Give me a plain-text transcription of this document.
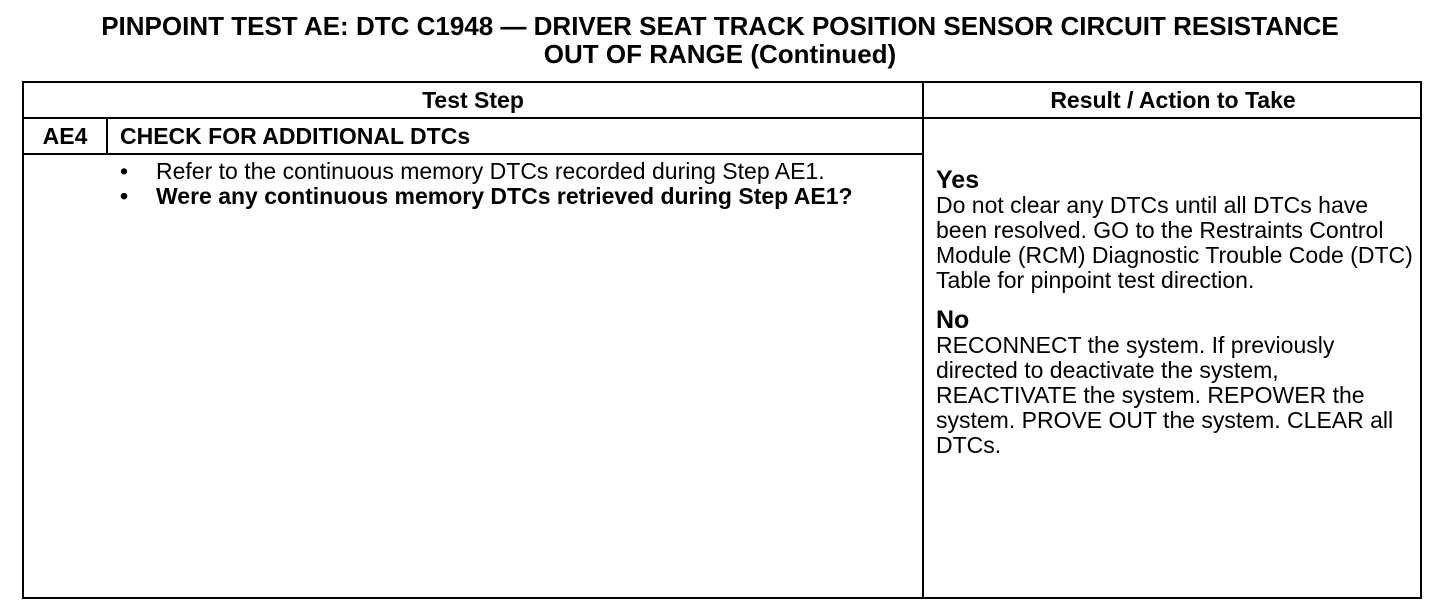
PINPOINT TEST AE: DTC C1948 — DRIVER SEAT TRACK POSITION SENSOR CIRCUIT RESISTANCE
OUT OF RANGE (Continued)
Test Step	Result / Action to Take
AE4	CHECK FOR ADDITIONAL DTCs
• Refer to the continuous memory DTCs recorded during Step AE1.
• Were any continuous memory DTCs retrieved during Step AE1?
Yes
Do not clear any DTCs until all DTCs have been resolved. GO to the Restraints Control Module (RCM) Diagnostic Trouble Code (DTC) Table for pinpoint test direction.
No
RECONNECT the system. If previously directed to deactivate the system, REACTIVATE the system. REPOWER the system. PROVE OUT the system. CLEAR all DTCs.
